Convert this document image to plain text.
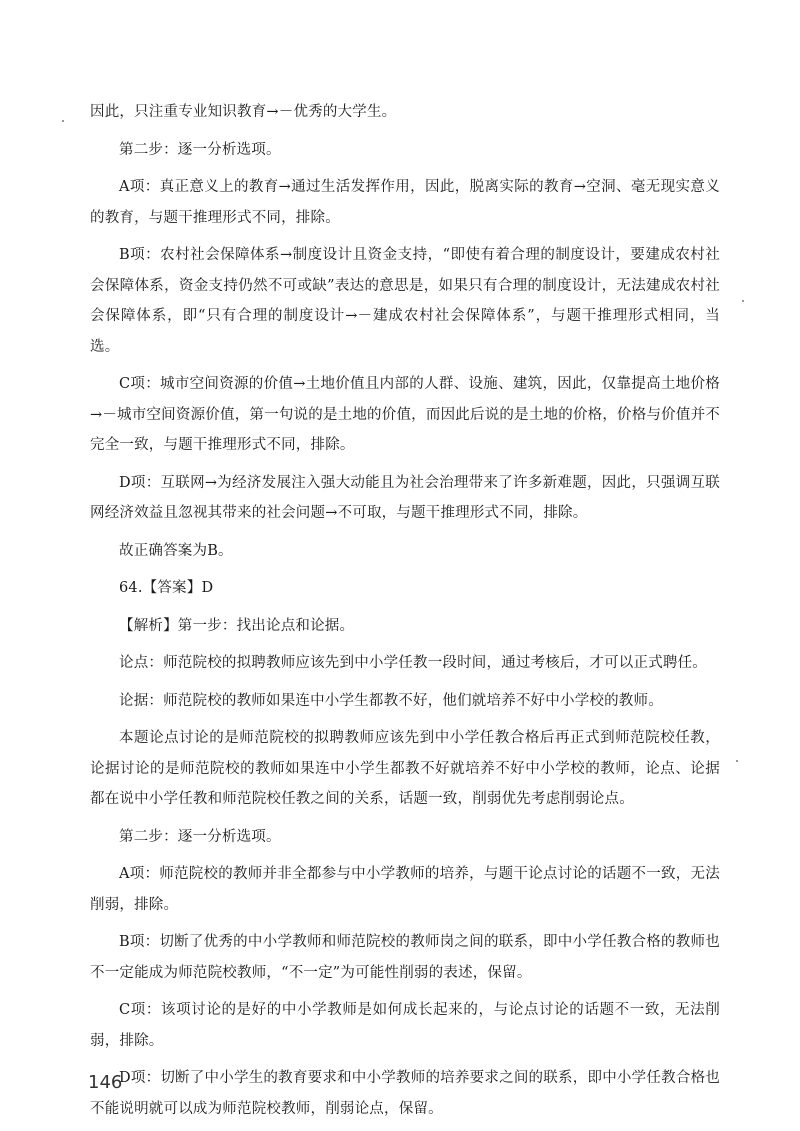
因此，只注重专业知识教育→－优秀的大学生。

第二步：逐一分析选项。

A项：真正意义上的教育→通过生活发挥作用，因此，脱离实际的教育→空洞、毫无现实意义的教育，与题干推理形式不同，排除。

B项：农村社会保障体系→制度设计且资金支持，“即使有着合理的制度设计，要建成农村社会保障体系，资金支持仍然不可或缺”表达的意思是，如果只有合理的制度设计，无法建成农村社会保障体系，即“只有合理的制度设计→－建成农村社会保障体系”，与题干推理形式相同，当选。

C项：城市空间资源的价值→土地价值且内部的人群、设施、建筑，因此，仅靠提高土地价格→－城市空间资源价值，第一句说的是土地的价值，而因此后说的是土地的价格，价格与价值并不完全一致，与题干推理形式不同，排除。

D项：互联网→为经济发展注入强大动能且为社会治理带来了许多新难题，因此，只强调互联网经济效益且忽视其带来的社会问题→不可取，与题干推理形式不同，排除。

故正确答案为B。

64.【答案】D

【解析】第一步：找出论点和论据。

论点：师范院校的拟聘教师应该先到中小学任教一段时间，通过考核后，才可以正式聘任。

论据：师范院校的教师如果连中小学生都教不好，他们就培养不好中小学校的教师。

本题论点讨论的是师范院校的拟聘教师应该先到中小学任教合格后再正式到师范院校任教，论据讨论的是师范院校的教师如果连中小学生都教不好就培养不好中小学校的教师，论点、论据都在说中小学任教和师范院校任教之间的关系，话题一致，削弱优先考虑削弱论点。

第二步：逐一分析选项。

A项：师范院校的教师并非全都参与中小学教师的培养，与题干论点讨论的话题不一致，无法削弱，排除。

B项：切断了优秀的中小学教师和师范院校的教师岗之间的联系，即中小学任教合格的教师也不一定能成为师范院校教师，“不一定”为可能性削弱的表述，保留。

C项：该项讨论的是好的中小学教师是如何成长起来的，与论点讨论的话题不一致，无法削弱，排除。

D项：切断了中小学生的教育要求和中小学教师的培养要求之间的联系，即中小学任教合格也不能说明就可以成为师范院校教师，削弱论点，保留。

146
